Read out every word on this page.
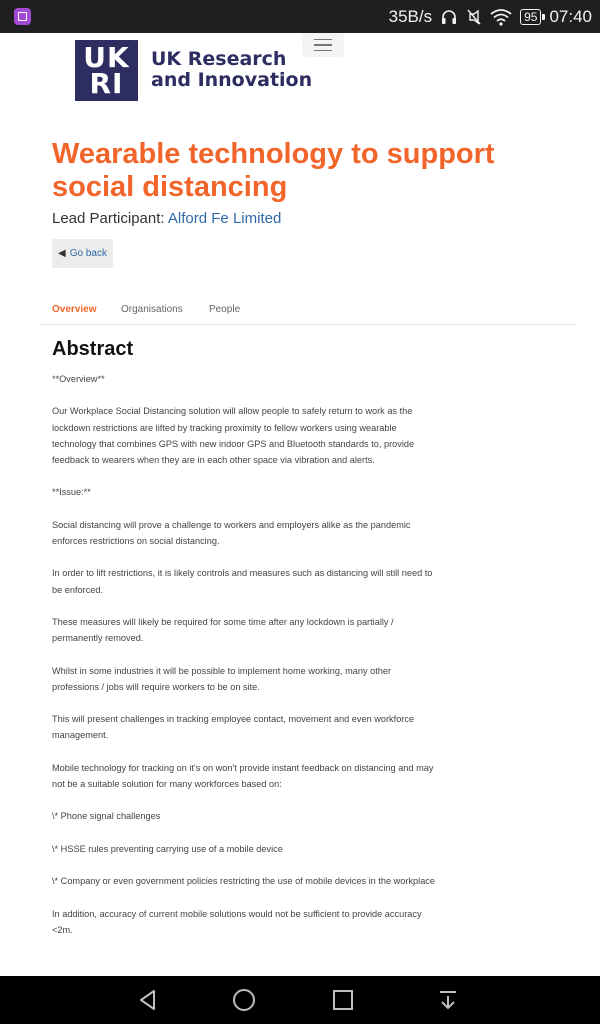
35B/s	95 07:40
UK
RI
UK Research
and Innovation
Wearable technology to support social distancing
Lead Participant: Alford Fe Limited
◀ Go back
Overview Organisations	People
Abstract

**Overview**

Our Workplace Social Distancing solution will allow people to safely return to work as the lockdown restrictions are lifted by tracking proximity to fellow workers using wearable technology that combines GPS with new indoor GPS and Bluetooth standards to, provide feedback to wearers when they are in each other space via vibration and alerts.

**Issue:**

Social distancing will prove a challenge to workers and employers alike as the pandemic enforces restrictions on social distancing.

In order to lift restrictions, it is likely controls and measures such as distancing will still need to be enforced.

These measures will likely be required for some time after any lockdown is partially / permanently removed.

Whilst in some industries it will be possible to implement home working, many other professions / jobs will require workers to be on site.

This will present challenges in tracking employee contact, movement and even workforce management.

Mobile technology for tracking on it's on won't provide instant feedback on distancing and may not be a suitable solution for many workforces based on:

\* Phone signal challenges

\* HSSE rules preventing carrying use of a mobile device

\* Company or even government policies restricting the use of mobile devices in the workplace

In addition, accuracy of current mobile solutions would not be sufficient to provide accuracy <2m.
